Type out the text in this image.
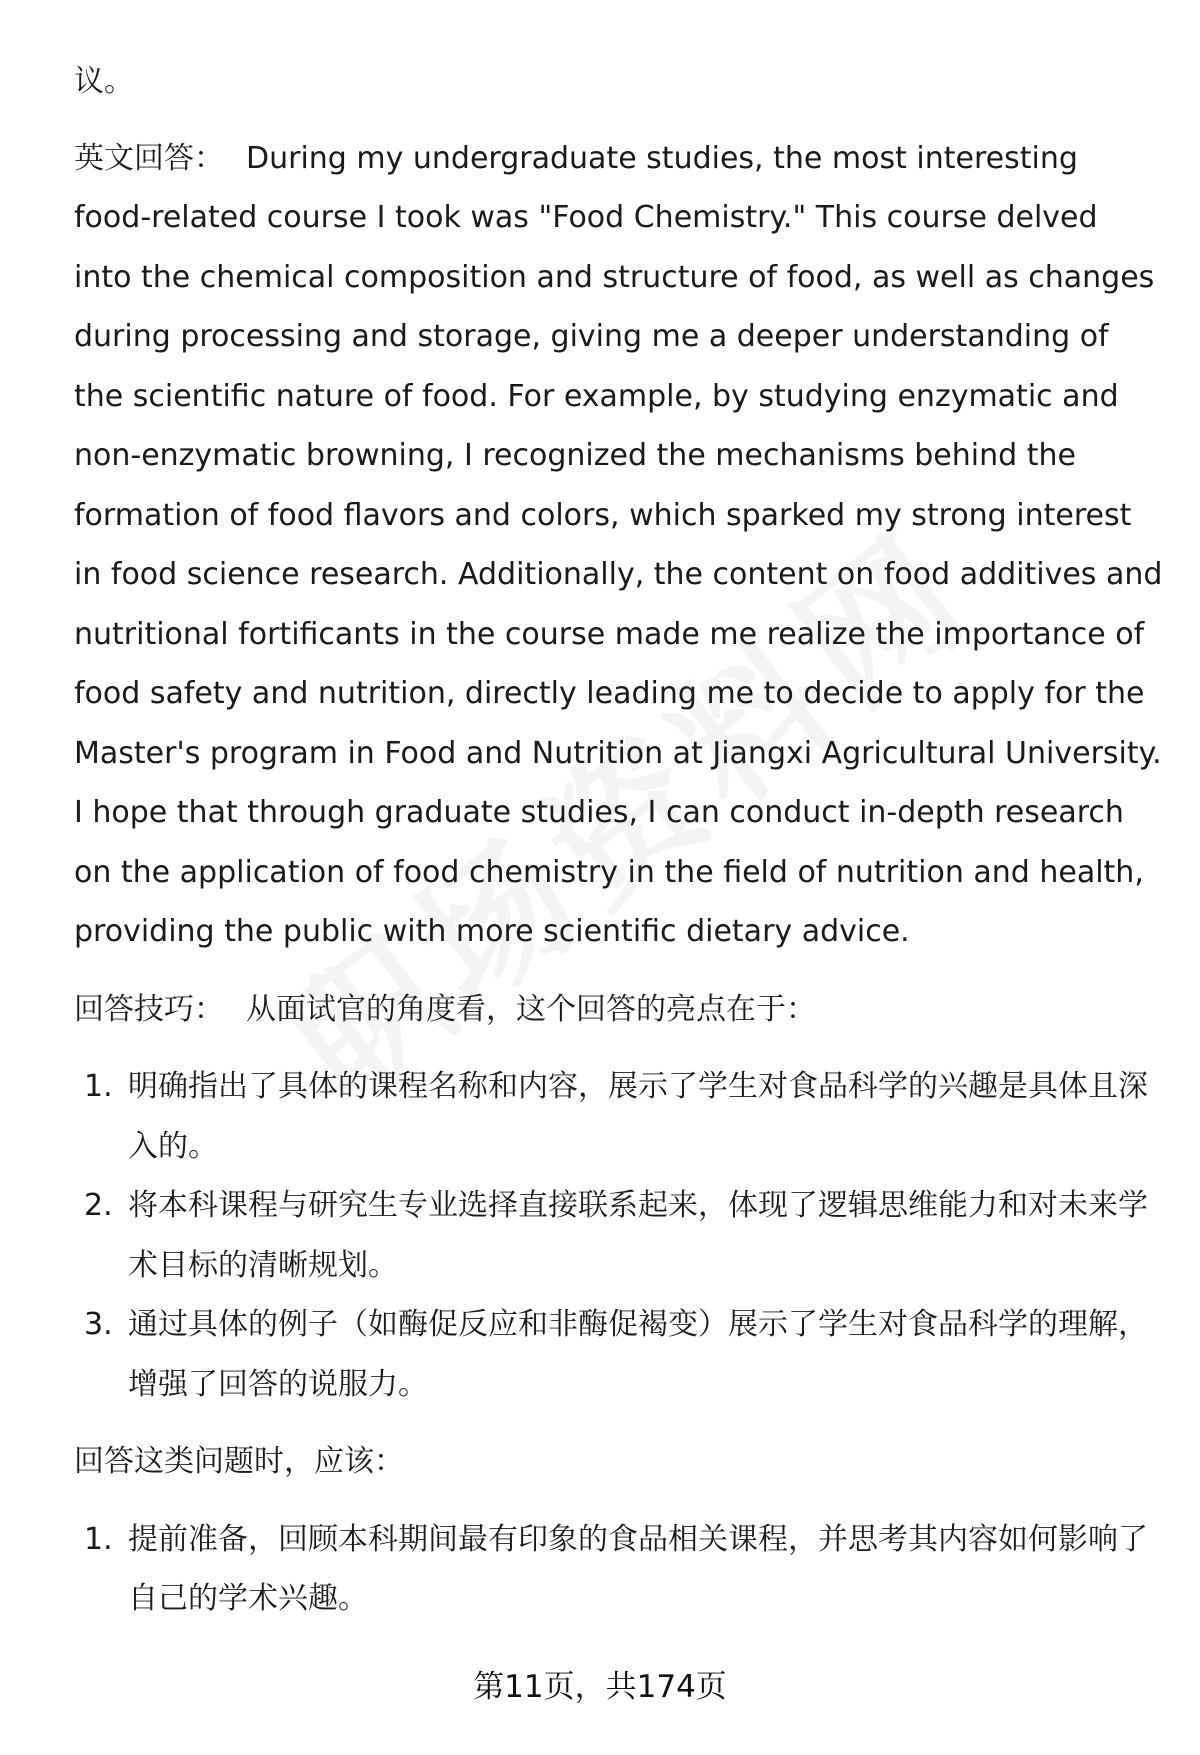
议。

英文回答： During my undergraduate studies, the most interesting food-related course I took was "Food Chemistry." This course delved into the chemical composition and structure of food, as well as changes during processing and storage, giving me a deeper understanding of the scientific nature of food. For example, by studying enzymatic and non-enzymatic browning, I recognized the mechanisms behind the formation of food flavors and colors, which sparked my strong interest in food science research. Additionally, the content on food additives and nutritional fortificants in the course made me realize the importance of food safety and nutrition, directly leading me to decide to apply for the Master's program in Food and Nutrition at Jiangxi Agricultural University. I hope that through graduate studies, I can conduct in-depth research on the application of food chemistry in the field of nutrition and health, providing the public with more scientific dietary advice.

回答技巧： 从面试官的角度看，这个回答的亮点在于：

1. 明确指出了具体的课程名称和内容，展示了学生对食品科学的兴趣是具体且深入的。
2. 将本科课程与研究生专业选择直接联系起来，体现了逻辑思维能力和对未来学术目标的清晰规划。
3. 通过具体的例子（如酶促反应和非酶促褐变）展示了学生对食品科学的理解，增强了回答的说服力。

回答这类问题时，应该：

1. 提前准备，回顾本科期间最有印象的食品相关课程，并思考其内容如何影响了自己的学术兴趣。
第11页，共174页
